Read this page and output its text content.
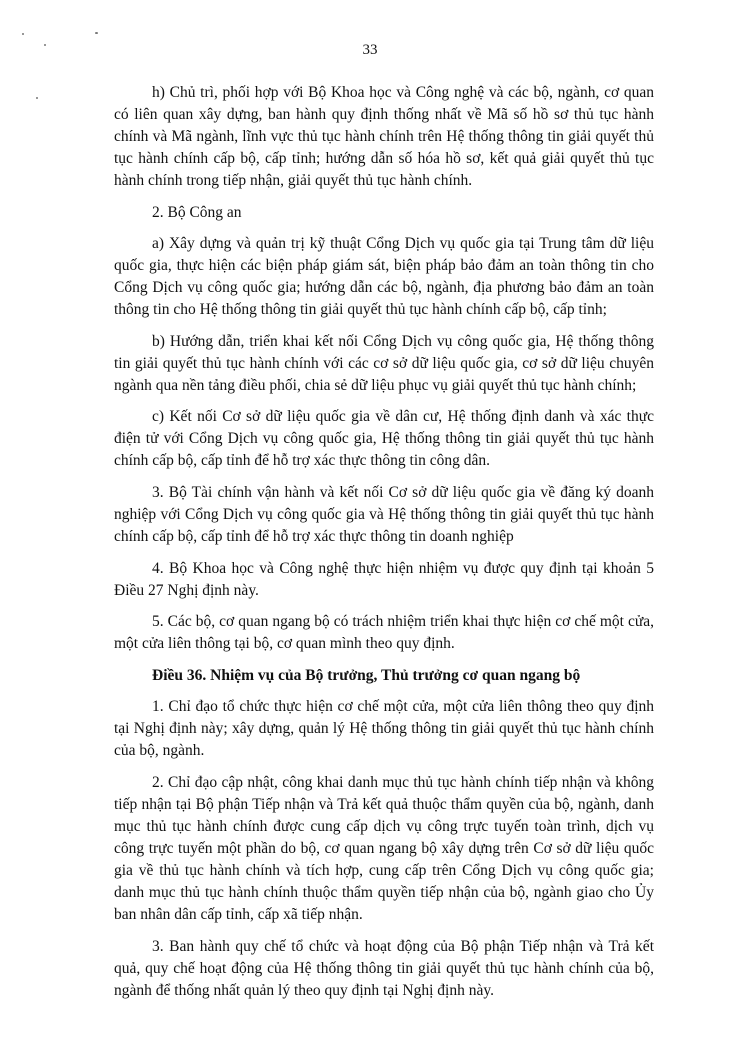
33

h) Chủ trì, phối hợp với Bộ Khoa học và Công nghệ và các bộ, ngành, cơ quan có liên quan xây dựng, ban hành quy định thống nhất về Mã số hồ sơ thủ tục hành chính và Mã ngành, lĩnh vực thủ tục hành chính trên Hệ thống thông tin giải quyết thủ tục hành chính cấp bộ, cấp tỉnh; hướng dẫn số hóa hồ sơ, kết quả giải quyết thủ tục hành chính trong tiếp nhận, giải quyết thủ tục hành chính.

2. Bộ Công an

a) Xây dựng và quản trị kỹ thuật Cổng Dịch vụ quốc gia tại Trung tâm dữ liệu quốc gia, thực hiện các biện pháp giám sát, biện pháp bảo đảm an toàn thông tin cho Cổng Dịch vụ công quốc gia; hướng dẫn các bộ, ngành, địa phương bảo đảm an toàn thông tin cho Hệ thống thông tin giải quyết thủ tục hành chính cấp bộ, cấp tỉnh;

b) Hướng dẫn, triển khai kết nối Cổng Dịch vụ công quốc gia, Hệ thống thông tin giải quyết thủ tục hành chính với các cơ sở dữ liệu quốc gia, cơ sở dữ liệu chuyên ngành qua nền tảng điều phối, chia sẻ dữ liệu phục vụ giải quyết thủ tục hành chính;

c) Kết nối Cơ sở dữ liệu quốc gia về dân cư, Hệ thống định danh và xác thực điện tử với Cổng Dịch vụ công quốc gia, Hệ thống thông tin giải quyết thủ tục hành chính cấp bộ, cấp tỉnh để hỗ trợ xác thực thông tin công dân.

3. Bộ Tài chính vận hành và kết nối Cơ sở dữ liệu quốc gia về đăng ký doanh nghiệp với Cổng Dịch vụ công quốc gia và Hệ thống thông tin giải quyết thủ tục hành chính cấp bộ, cấp tỉnh để hỗ trợ xác thực thông tin doanh nghiệp

4. Bộ Khoa học và Công nghệ thực hiện nhiệm vụ được quy định tại khoản 5 Điều 27 Nghị định này.

5. Các bộ, cơ quan ngang bộ có trách nhiệm triển khai thực hiện cơ chế một cửa, một cửa liên thông tại bộ, cơ quan mình theo quy định.

Điều 36. Nhiệm vụ của Bộ trưởng, Thủ trưởng cơ quan ngang bộ

1. Chỉ đạo tổ chức thực hiện cơ chế một cửa, một cửa liên thông theo quy định tại Nghị định này; xây dựng, quản lý Hệ thống thông tin giải quyết thủ tục hành chính của bộ, ngành.

2. Chỉ đạo cập nhật, công khai danh mục thủ tục hành chính tiếp nhận và không tiếp nhận tại Bộ phận Tiếp nhận và Trả kết quả thuộc thẩm quyền của bộ, ngành, danh mục thủ tục hành chính được cung cấp dịch vụ công trực tuyến toàn trình, dịch vụ công trực tuyến một phần do bộ, cơ quan ngang bộ xây dựng trên Cơ sở dữ liệu quốc gia về thủ tục hành chính và tích hợp, cung cấp trên Cổng Dịch vụ công quốc gia; danh mục thủ tục hành chính thuộc thẩm quyền tiếp nhận của bộ, ngành giao cho Ủy ban nhân dân cấp tỉnh, cấp xã tiếp nhận.

3. Ban hành quy chế tổ chức và hoạt động của Bộ phận Tiếp nhận và Trả kết quả, quy chế hoạt động của Hệ thống thông tin giải quyết thủ tục hành chính của bộ, ngành để thống nhất quản lý theo quy định tại Nghị định này.
